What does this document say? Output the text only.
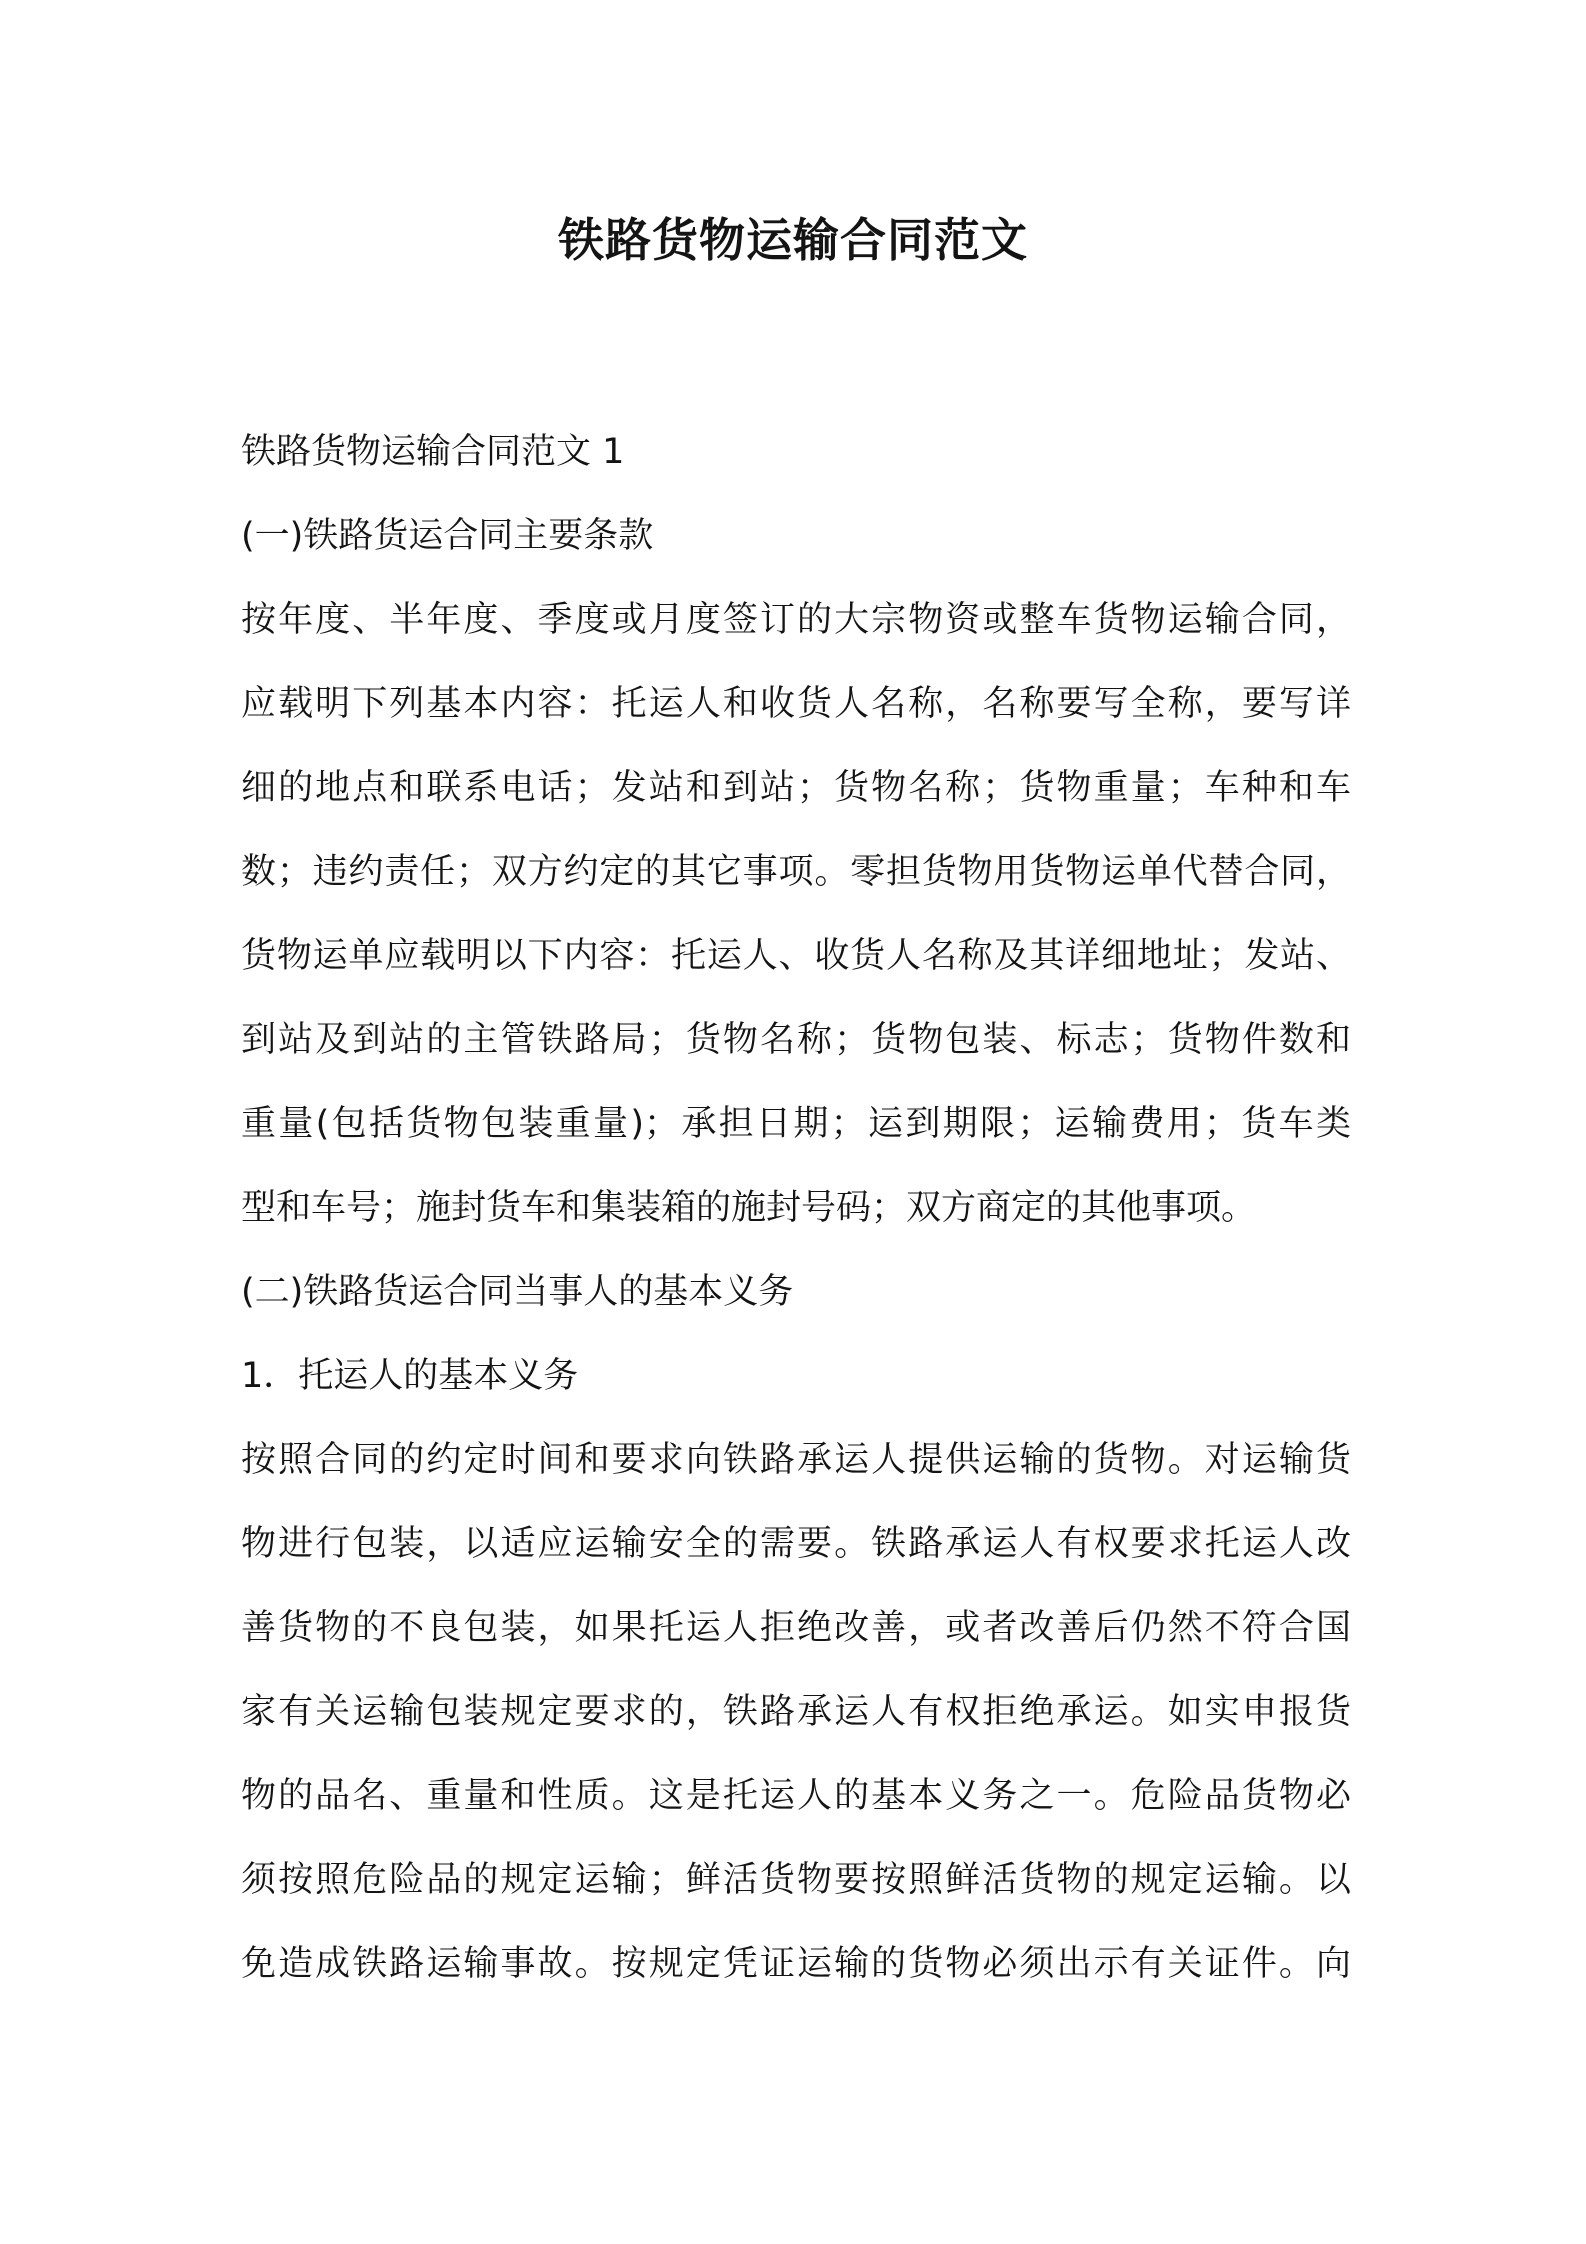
铁路货物运输合同范文
铁路货物运输合同范文 1
(一)铁路货运合同主要条款
按年度、半年度、季度或月度签订的大宗物资或整车货物运输合同，
应载明下列基本内容：托运人和收货人名称，名称要写全称，要写详
细的地点和联系电话；发站和到站；货物名称；货物重量；车种和车
数；违约责任；双方约定的其它事项。零担货物用货物运单代替合同，
货物运单应载明以下内容：托运人、收货人名称及其详细地址；发站、
到站及到站的主管铁路局；货物名称；货物包装、标志；货物件数和
重量(包括货物包装重量)；承担日期；运到期限；运输费用；货车类
型和车号；施封货车和集装箱的施封号码；双方商定的其他事项。
(二)铁路货运合同当事人的基本义务
1．托运人的基本义务
按照合同的约定时间和要求向铁路承运人提供运输的货物。对运输货
物进行包装，以适应运输安全的需要。铁路承运人有权要求托运人改
善货物的不良包装，如果托运人拒绝改善，或者改善后仍然不符合国
家有关运输包装规定要求的，铁路承运人有权拒绝承运。如实申报货
物的品名、重量和性质。这是托运人的基本义务之一。危险品货物必
须按照危险品的规定运输；鲜活货物要按照鲜活货物的规定运输。以
免造成铁路运输事故。按规定凭证运输的货物必须出示有关证件。向
